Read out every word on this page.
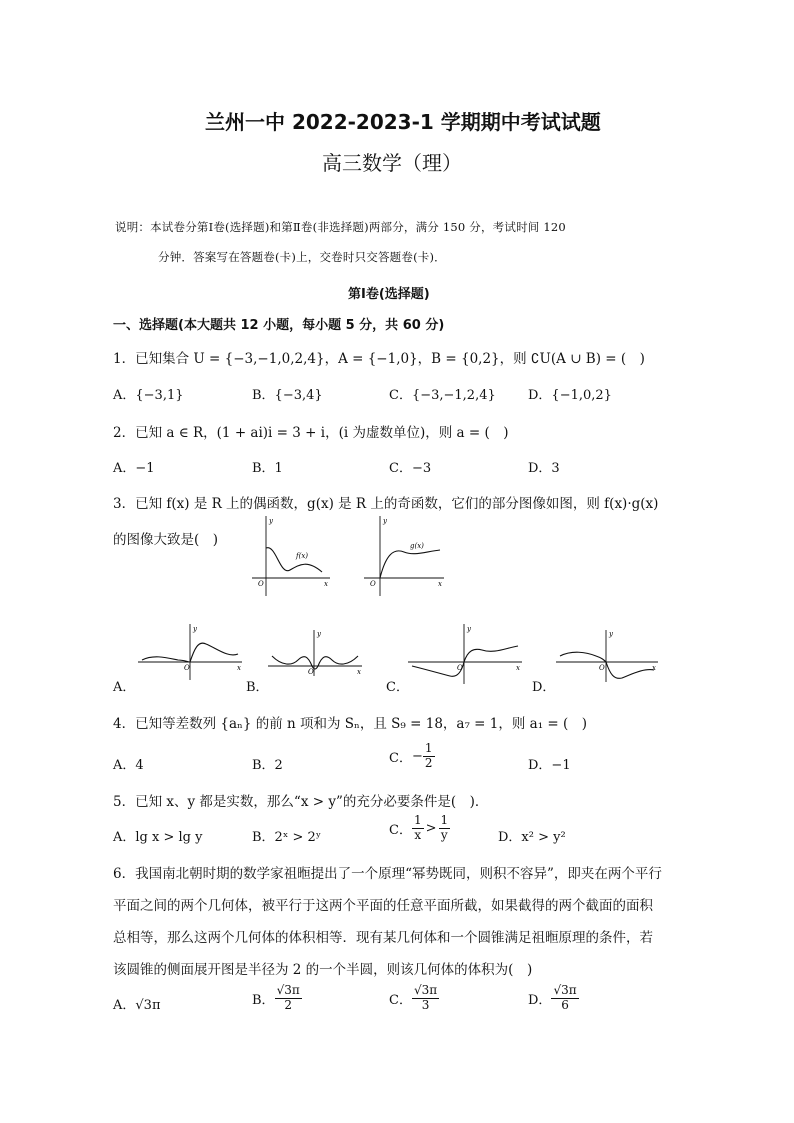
兰州一中 2022-2023-1 学期期中考试试题
高三数学（理）
说明：本试卷分第Ⅰ卷(选择题)和第Ⅱ卷(非选择题)两部分，满分 150 分，考试时间 120
分钟．答案写在答题卷(卡)上，交卷时只交答题卷(卡)．
第Ⅰ卷(选择题)
一、选择题(本大题共 12 小题，每小题 5 分，共 60 分)
1．已知集合 U = {−3,−1,0,2,4}，A = {−1,0}，B = {0,2}，则 ∁U(A ∪ B) = (　)
A．{−3,1}	B．{−3,4}	C．{−3,−1,2,4} D．{−1,0,2}
2．已知 a ∈ R，(1 + ai)i = 3 + i，(i 为虚数单位)，则 a = (　)
A．−1	B．1	C．−3	D．3
3．已知 f(x) 是 R 上的偶函数，g(x) 是 R 上的奇函数，它们的部分图像如图，则 f(x)·g(x)
的图像大致是(　)
y
x
O
f(x)
y
x
O
g(x)
A．
y
x
O
B．
y
x
O
C．
y
x
O
D．
y
x
O
4．已知等差数列 {aₙ} 的前 n 项和为 Sₙ，且 S₉ = 18，a₇ = 1，则 a₁ = (　)
A．4	B．2	C．− $\frac{1}{2}$	D．−1
5．已知 x、y 都是实数，那么“x > y”的充分必要条件是(　)．
A．lg x > lg y	B．2ˣ > 2ʸ	C． $\frac{1}{x} > \frac{1}{y}$	D．x² > y²
6．我国南北朝时期的数学家祖暅提出了一个原理“幂势既同，则积不容异”，即夹在两个平行
平面之间的两个几何体，被平行于这两个平面的任意平面所截，如果截得的两个截面的面积
总相等，那么这两个几何体的体积相等．现有某几何体和一个圆锥满足祖暅原理的条件，若
该圆锥的侧面展开图是半径为 2 的一个半圆，则该几何体的体积为(　)
A．√3π	B． $\frac{√3\pi}{2}$	C． $\frac{√3\pi}{3}$	D． $\frac{√3\pi}{6}$
